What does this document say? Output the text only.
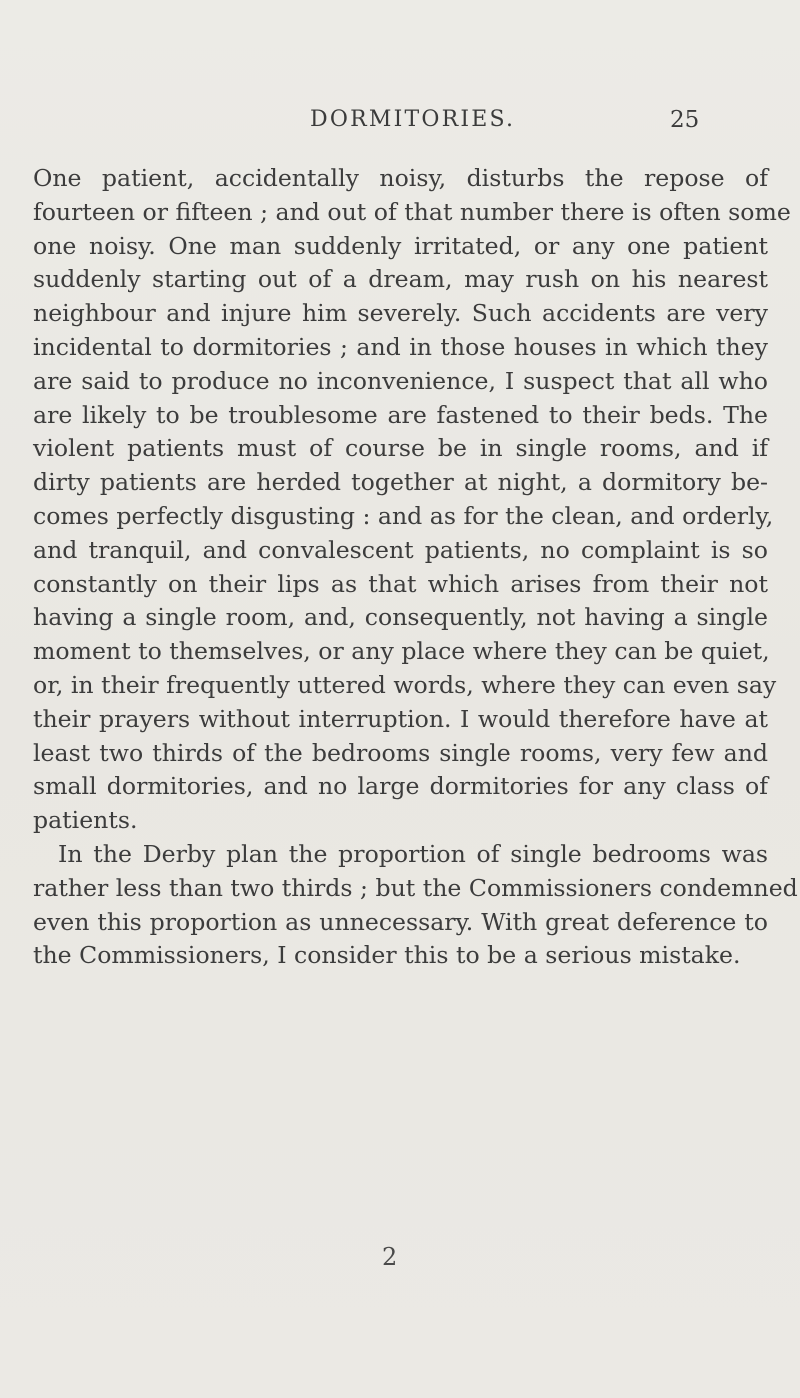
DORMITORIES.	25
One patient, accidentally noisy, disturbs the repose of
fourteen or fifteen ; and out of that number there is often some
one noisy. One man suddenly irritated, or any one patient
suddenly starting out of a dream, may rush on his nearest
neighbour and injure him severely. Such accidents are very
incidental to dormitories ; and in those houses in which they
are said to produce no inconvenience, I suspect that all who
are likely to be troublesome are fastened to their beds. The
violent patients must of course be in single rooms, and if
dirty patients are herded together at night, a dormitory be-
comes perfectly disgusting : and as for the clean, and orderly,
and tranquil, and convalescent patients, no complaint is so
constantly on their lips as that which arises from their not
having a single room, and, consequently, not having a single
moment to themselves, or any place where they can be quiet,
or, in their frequently uttered words, where they can even say
their prayers without interruption. I would therefore have at
least two thirds of the bedrooms single rooms, very few and
small dormitories, and no large dormitories for any class of
patients.
In the Derby plan the proportion of single bedrooms was
rather less than two thirds ; but the Commissioners condemned
even this proportion as unnecessary. With great deference to
the Commissioners, I consider this to be a serious mistake.
2
